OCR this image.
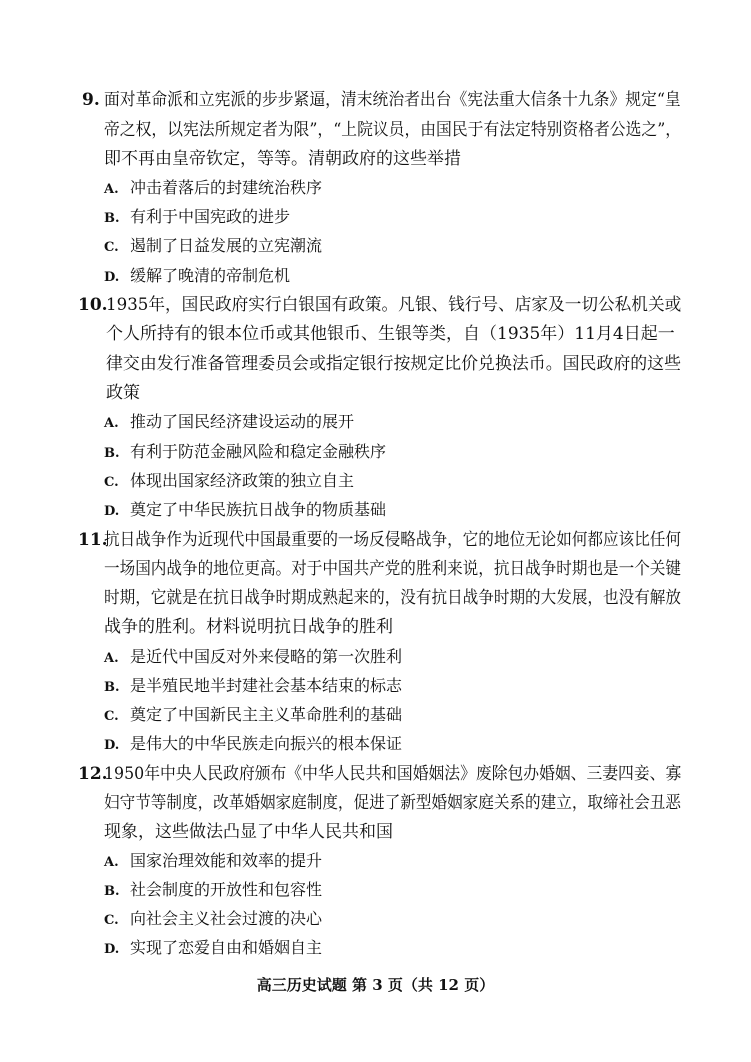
9. 面对革命派和立宪派的步步紧逼，清末统治者出台《宪法重大信条十九条》规定“皇
帝之权，以宪法所规定者为限”，“上院议员，由国民于有法定特别资格者公选之”，
即不再由皇帝钦定，等等。清朝政府的这些举措
A. 冲击着落后的封建统治秩序
B. 有利于中国宪政的进步
C. 遏制了日益发展的立宪潮流
D. 缓解了晚清的帝制危机
10.
1935年，国民政府实行白银国有政策。凡银、钱行号、店家及一切公私机关或
个人所持有的银本位币或其他银币、生银等类，自（1935年）11月4日起一
律交由发行准备管理委员会或指定银行按规定比价兑换法币。国民政府的这些
政策
A. 推动了国民经济建设运动的展开
B. 有利于防范金融风险和稳定金融秩序
C. 体现出国家经济政策的独立自主
D. 奠定了中华民族抗日战争的物质基础
11.
抗日战争作为近现代中国最重要的一场反侵略战争，它的地位无论如何都应该比任何
一场国内战争的地位更高。对于中国共产党的胜利来说，抗日战争时期也是一个关键
时期，它就是在抗日战争时期成熟起来的，没有抗日战争时期的大发展，也没有解放
战争的胜利。材料说明抗日战争的胜利
A. 是近代中国反对外来侵略的第一次胜利
B. 是半殖民地半封建社会基本结束的标志
C. 奠定了中国新民主主义革命胜利的基础
D. 是伟大的中华民族走向振兴的根本保证
12.
1950年中央人民政府颁布《中华人民共和国婚姻法》废除包办婚姻、三妻四妾、寡
妇守节等制度，改革婚姻家庭制度，促进了新型婚姻家庭关系的建立，取缔社会丑恶
现象，这些做法凸显了中华人民共和国
A. 国家治理效能和效率的提升
B. 社会制度的开放性和包容性
C. 向社会主义社会过渡的决心
D. 实现了恋爱自由和婚姻自主
高三历史试题 第 3 页（共 12 页）
